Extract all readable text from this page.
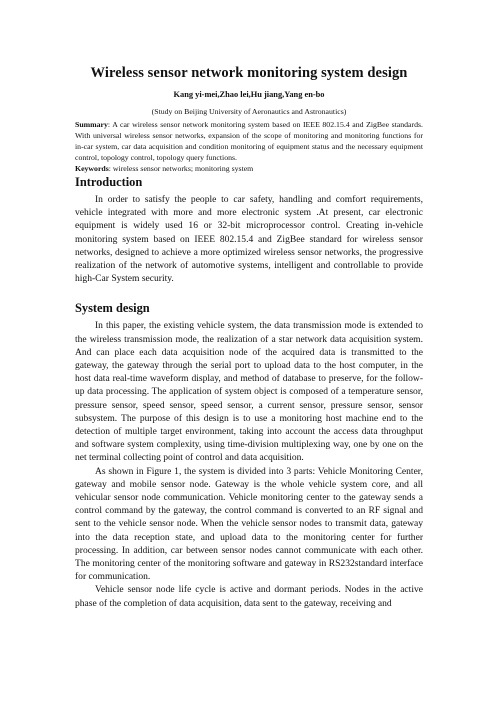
Wireless sensor network monitoring system design
Kang yi-mei,Zhao lei,Hu jiang,Yang en-bo
(Study on Beijing University of Aeronautics and Astronautics)
Summary: A car wireless sensor network monitoring system based on IEEE 802.15.4 and ZigBee standards. With universal wireless sensor networks, expansion of the scope of monitoring and monitoring functions for in-car system, car data acquisition and condition monitoring of equipment status and the necessary equipment control, topology control, topology query functions.
Keywords: wireless sensor networks; monitoring system
Introduction

In order to satisfy the people to car safety, handling and comfort requirements, vehicle integrated with more and more electronic system .At present, car electronic equipment is widely used 16 or 32-bit microprocessor control. Creating in-vehicle monitoring system based on IEEE 802.15.4 and ZigBee standard for wireless sensor networks, designed to achieve a more optimized wireless sensor networks, the progressive realization of the network of automotive systems, intelligent and controllable to provide high-Car System security.

System design

In this paper, the existing vehicle system, the data transmission mode is extended to the wireless transmission mode, the realization of a star network data acquisition system. And can place each data acquisition node of the acquired data is transmitted to the gateway, the gateway through the serial port to upload data to the host computer, in the host data real-time waveform display, and method of database to preserve, for the follow-up data processing. The application of system object is composed of a temperature sensor, pressure sensor, speed sensor, speed sensor, a current sensor, pressure sensor, sensor subsystem. The purpose of this design is to use a monitoring host machine end to the detection of multiple target environment, taking into account the access data throughput and software system complexity, using time-division multiplexing way, one by one on the net terminal collecting point of control and data acquisition.

As shown in Figure 1, the system is divided into 3 parts: Vehicle Monitoring Center, gateway and mobile sensor node. Gateway is the whole vehicle system core, and all vehicular sensor node communication. Vehicle monitoring center to the gateway sends a control command by the gateway, the control command is converted to an RF signal and sent to the vehicle sensor node. When the vehicle sensor nodes to transmit data, gateway into the data reception state, and upload data to the monitoring center for further processing. In addition, car between sensor nodes cannot communicate with each other. The monitoring center of the monitoring software and gateway in RS232standard interface for communication.

Vehicle sensor node life cycle is active and dormant periods. Nodes in the active phase of the completion of data acquisition, data sent to the gateway, receiving and
